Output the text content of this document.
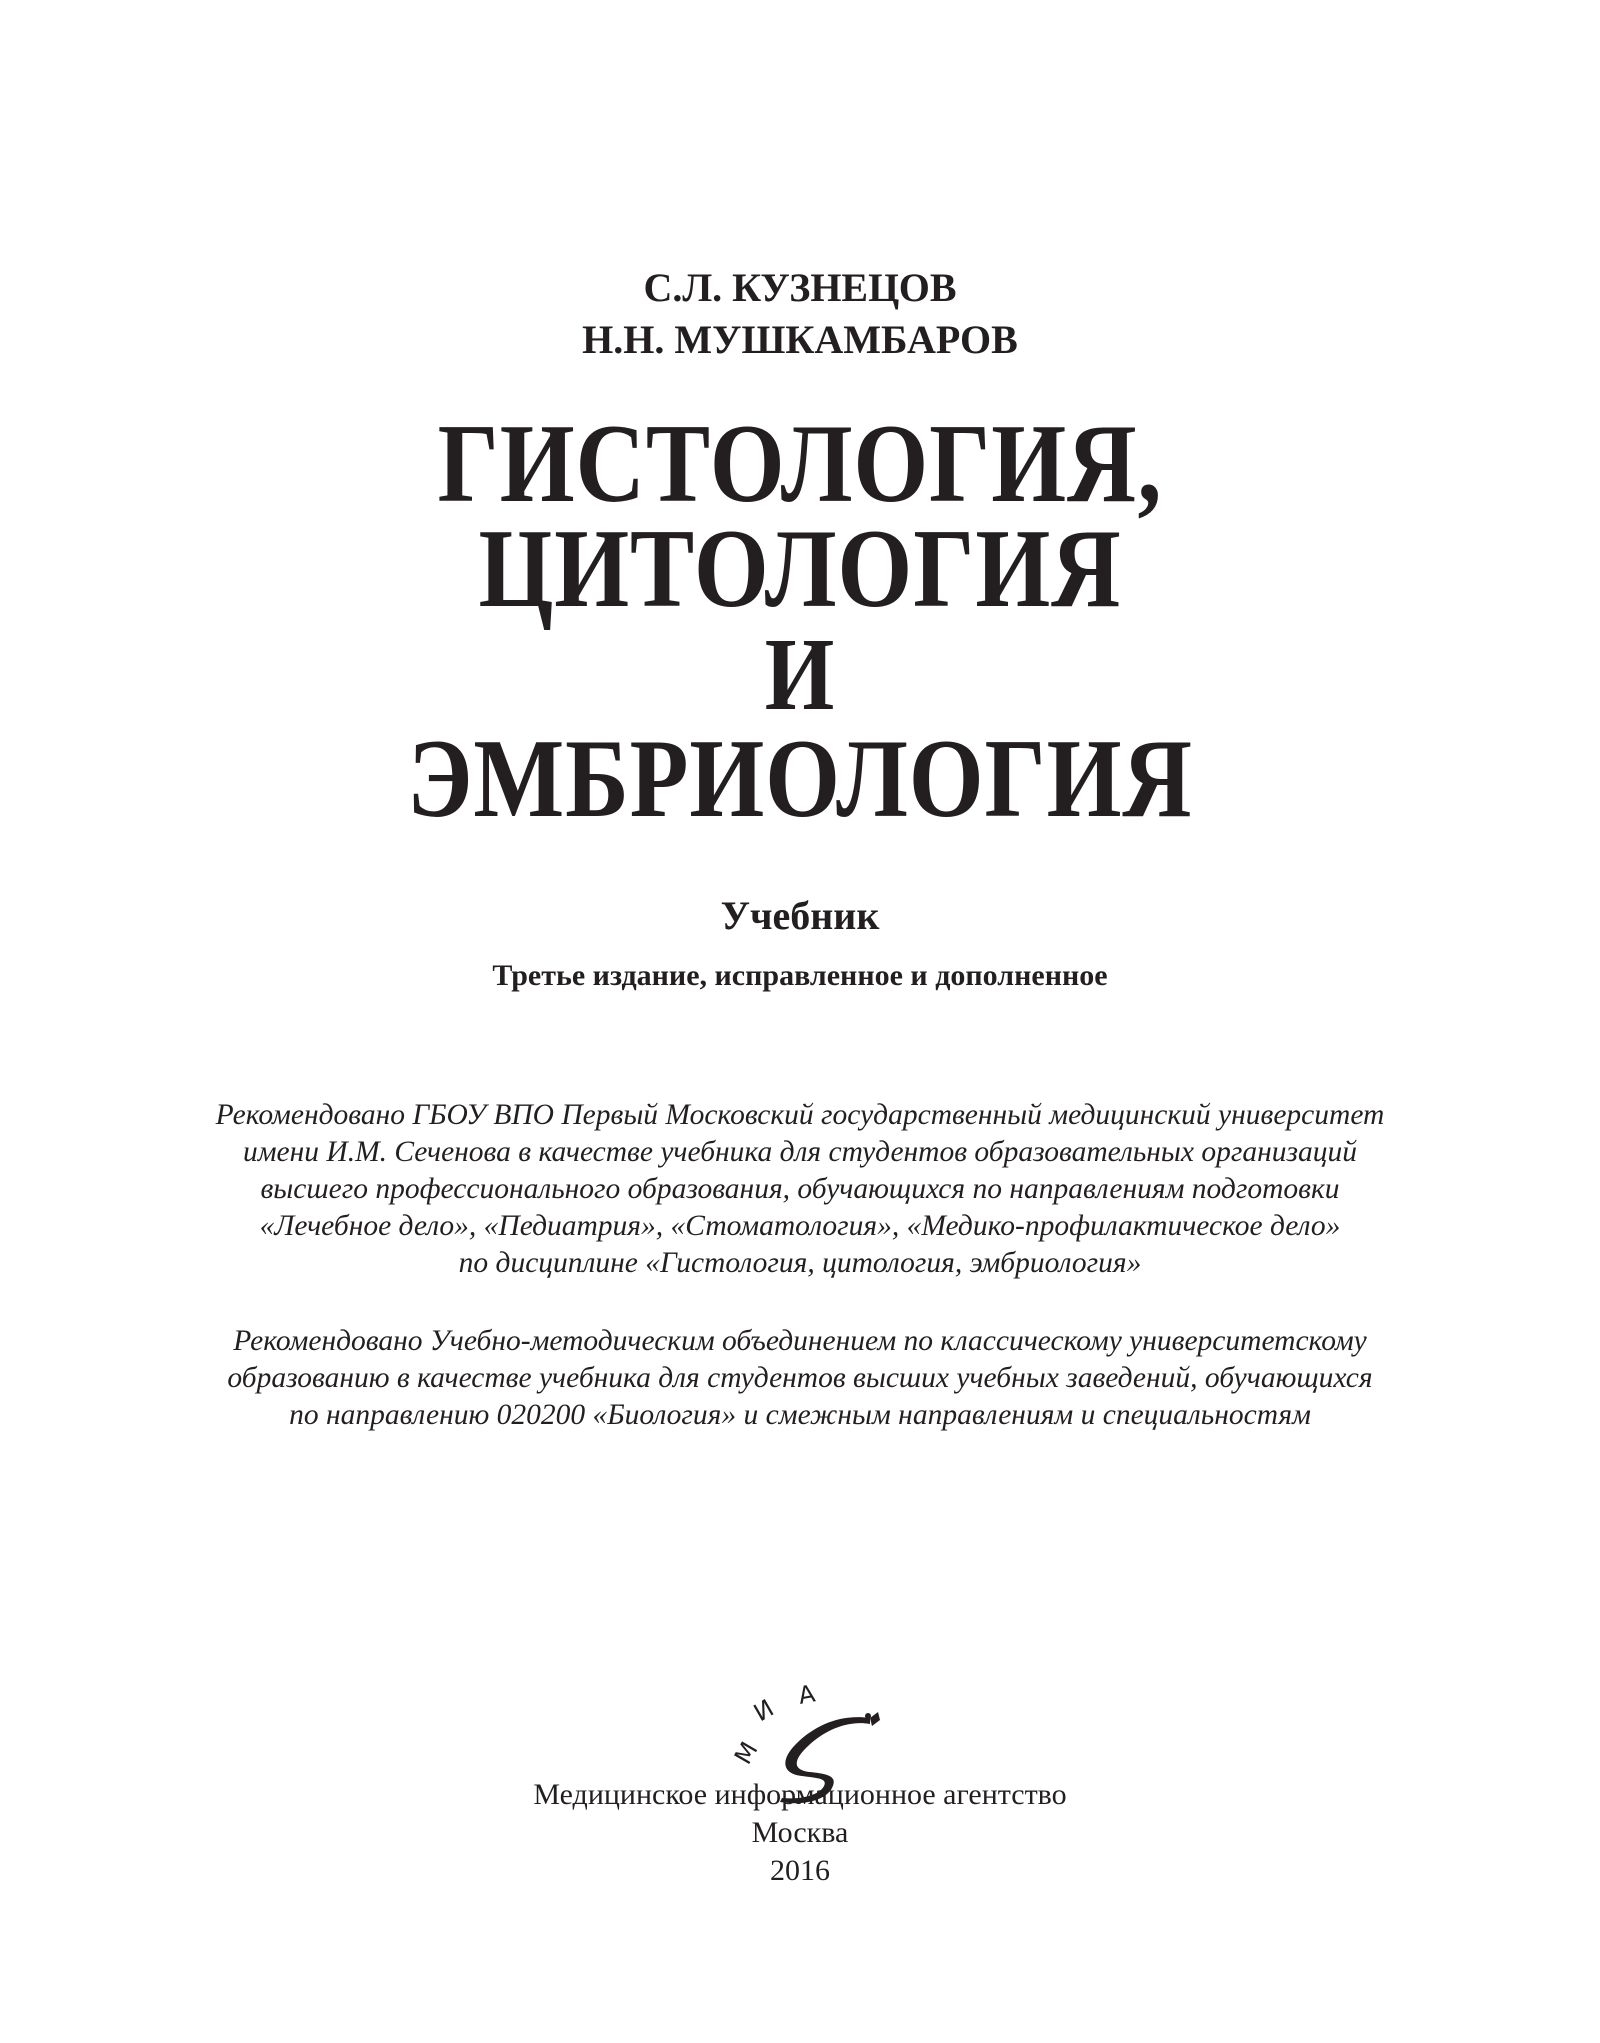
С.Л. КУЗНЕЦОВ
Н.Н. МУШКАМБАРОВ
ГИСТОЛОГИЯ,
ЦИТОЛОГИЯ
И
ЭМБРИОЛОГИЯ
Учебник
Третье издание, исправленное и дополненное
Рекомендовано ГБОУ ВПО Первый Московский государственный медицинский университет
имени И.М. Сеченова в качестве учебника для студентов образовательных организаций
высшего профессионального образования, обучающихся по направлениям подготовки
«Лечебное дело», «Педиатрия», «Стоматология», «Медико-профилактическое дело»
по дисциплине «Гистология, цитология, эмбриология»
Рекомендовано Учебно-методическим объединением по классическому университетскому
образованию в качестве учебника для студентов высших учебных заведений, обучающихся
по направлению 020200 «Биология» и смежным направлениям и специальностям
М
И А
Медицинское информационное агентство
Москва
2016
